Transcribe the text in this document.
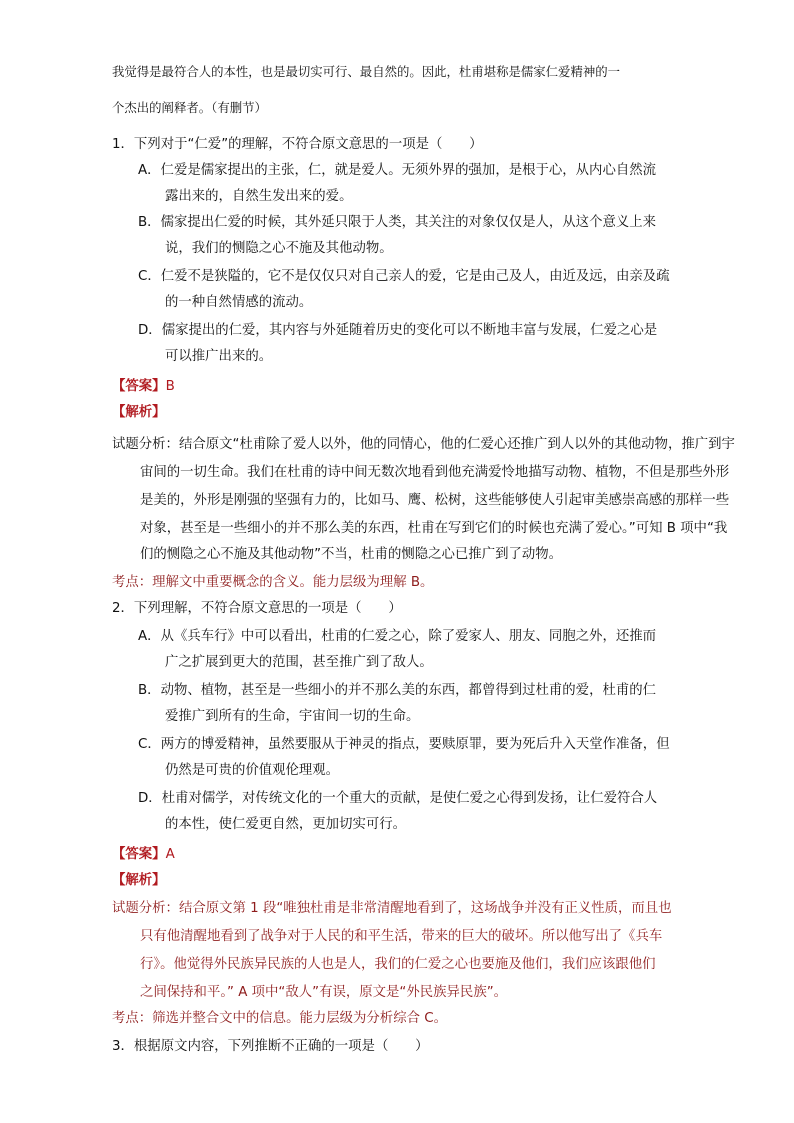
我觉得是最符合人的本性，也是最切实可行、最自然的。因此，杜甫堪称是儒家仁爱精神的一
个杰出的阐释者。（有删节）
1．下列对于“仁爱”的理解，不符合原文意思的一项是（　　）
A．仁爱是儒家提出的主张，仁，就是爱人。无须外界的强加，是根于心，从内心自然流
露出来的，自然生发出来的爱。
B．儒家提出仁爱的时候，其外延只限于人类，其关注的对象仅仅是人，从这个意义上来
说，我们的恻隐之心不施及其他动物。
C．仁爱不是狭隘的，它不是仅仅只对自己亲人的爱，它是由己及人，由近及远，由亲及疏
的一种自然情感的流动。
D．儒家提出的仁爱，其内容与外延随着历史的变化可以不断地丰富与发展，仁爱之心是
可以推广出来的。
【答案】B
【解析】
试题分析：结合原文“杜甫除了爱人以外，他的同情心，他的仁爱心还推广到人以外的其他动物，推广到宇
宙间的一切生命。我们在杜甫的诗中间无数次地看到他充满爱怜地描写动物、植物，不但是那些外形
是美的，外形是刚强的坚强有力的，比如马、鹰、松树，这些能够使人引起审美感崇高感的那样一些
对象，甚至是一些细小的并不那么美的东西，杜甫在写到它们的时候也充满了爱心。”可知 B 项中“我
们的恻隐之心不施及其他动物”不当，杜甫的恻隐之心已推广到了动物。
考点：理解文中重要概念的含义。能力层级为理解 B。
2．下列理解，不符合原文意思的一项是（　　）
A．从《兵车行》中可以看出，杜甫的仁爱之心，除了爱家人、朋友、同胞之外，还推而
广之扩展到更大的范围，甚至推广到了敌人。
B．动物、植物，甚至是一些细小的并不那么美的东西，都曾得到过杜甫的爱，杜甫的仁
爱推广到所有的生命，宇宙间一切的生命。
C．两方的博爱精神，虽然要服从于神灵的指点，要赎原罪，要为死后升入天堂作准备，但
仍然是可贵的价值观伦理观。
D．杜甫对儒学，对传统文化的一个重大的贡献，是使仁爱之心得到发扬，让仁爱符合人
的本性，使仁爱更自然，更加切实可行。
【答案】A
【解析】
试题分析：结合原文第 1 段“唯独杜甫是非常清醒地看到了，这场战争并没有正义性质，而且也
只有他清醒地看到了战争对于人民的和平生活，带来的巨大的破坏。所以他写出了《兵车
行》。他觉得外民族异民族的人也是人，我们的仁爱之心也要施及他们，我们应该跟他们
之间保持和平。” A 项中“敌人”有误，原文是“外民族异民族”。
考点：筛选并整合文中的信息。能力层级为分析综合 C。
3．根据原文内容，下列推断不正确的一项是（　　）
